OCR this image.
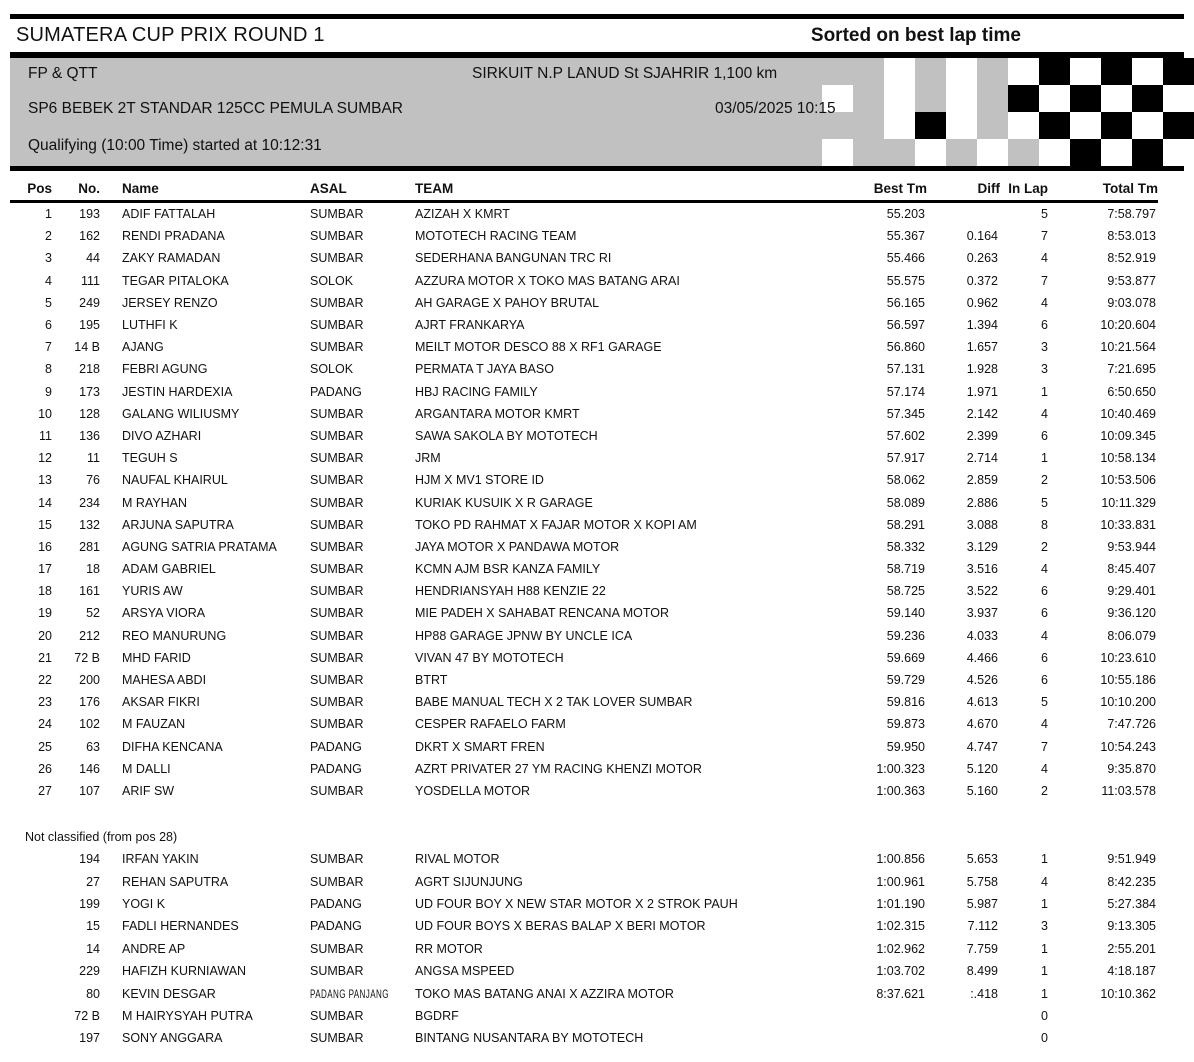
SUMATERA CUP PRIX ROUND 1	Sorted on best lap time
FP & QTT	SIRKUIT N.P LANUD St SJAHRIR 1,100 km
SP6 BEBEK 2T STANDAR 125CC PEMULA SUMBAR	03/05/2025 10:15
Qualifying (10:00 Time) started at 10:12:31
Pos	No.	Name	ASAL	TEAM	Best Tm	Diff	In Lap	Total Tm
1	193	ADIF FATTALAH	SUMBAR	AZIZAH X KMRT	55.203		5	7:58.797
2	162	RENDI PRADANA	SUMBAR	MOTOTECH RACING TEAM	55.367	0.164	7	8:53.013
3	44	ZAKY RAMADAN	SUMBAR	SEDERHANA BANGUNAN TRC RI	55.466	0.263	4	8:52.919
4	111	TEGAR PITALOKA	SOLOK	AZZURA MOTOR X TOKO MAS BATANG ARAI	55.575	0.372	7	9:53.877
5	249	JERSEY RENZO	SUMBAR	AH GARAGE X PAHOY BRUTAL	56.165	0.962	4	9:03.078
6	195	LUTHFI K	SUMBAR	AJRT FRANKARYA	56.597	1.394	6	10:20.604
7	14 B	AJANG	SUMBAR	MEILT MOTOR DESCO 88 X RF1 GARAGE	56.860	1.657	3	10:21.564
8	218	FEBRI AGUNG	SOLOK	PERMATA T JAYA BASO	57.131	1.928	3	7:21.695
9	173	JESTIN HARDEXIA	PADANG	HBJ RACING FAMILY	57.174	1.971	1	6:50.650
10	128	GALANG WILIUSMY	SUMBAR	ARGANTARA MOTOR KMRT	57.345	2.142	4	10:40.469
11	136	DIVO AZHARI	SUMBAR	SAWA SAKOLA BY MOTOTECH	57.602	2.399	6	10:09.345
12	11	TEGUH S	SUMBAR	JRM	57.917	2.714	1	10:58.134
13	76	NAUFAL KHAIRUL	SUMBAR	HJM X MV1 STORE ID	58.062	2.859	2	10:53.506
14	234	M RAYHAN	SUMBAR	KURIAK KUSUIK X R GARAGE	58.089	2.886	5	10:11.329
15	132	ARJUNA SAPUTRA	SUMBAR	TOKO PD RAHMAT X FAJAR MOTOR X KOPI AM	58.291	3.088	8	10:33.831
16	281	AGUNG SATRIA PRATAMA	SUMBAR	JAYA MOTOR X PANDAWA MOTOR	58.332	3.129	2	9:53.944
17	18	ADAM GABRIEL	SUMBAR	KCMN AJM BSR KANZA FAMILY	58.719	3.516	4	8:45.407
18	161	YURIS AW	SUMBAR	HENDRIANSYAH H88 KENZIE 22	58.725	3.522	6	9:29.401
19	52	ARSYA VIORA	SUMBAR	MIE PADEH X SAHABAT RENCANA MOTOR	59.140	3.937	6	9:36.120
20	212	REO MANURUNG	SUMBAR	HP88 GARAGE JPNW BY UNCLE ICA	59.236	4.033	4	8:06.079
21	72 B	MHD FARID	SUMBAR	VIVAN 47 BY MOTOTECH	59.669	4.466	6	10:23.610
22	200	MAHESA ABDI	SUMBAR	BTRT	59.729	4.526	6	10:55.186
23	176	AKSAR FIKRI	SUMBAR	BABE MANUAL TECH X 2 TAK LOVER SUMBAR	59.816	4.613	5	10:10.200
24	102	M FAUZAN	SUMBAR	CESPER RAFAELO FARM	59.873	4.670	4	7:47.726
25	63	DIFHA KENCANA	PADANG	DKRT X SMART FREN	59.950	4.747	7	10:54.243
26	146	M DALLI	PADANG	AZRT PRIVATER 27 YM RACING KHENZI MOTOR	1:00.323	5.120	4	9:35.870
27	107	ARIF SW	SUMBAR	YOSDELLA MOTOR	1:00.363	5.160	2	11:03.578
Not classified (from pos 28)
	194	IRFAN YAKIN	SUMBAR	RIVAL MOTOR	1:00.856	5.653	1	9:51.949
	27	REHAN SAPUTRA	SUMBAR	AGRT SIJUNJUNG	1:00.961	5.758	4	8:42.235
	199	YOGI K	PADANG	UD FOUR BOY X NEW STAR MOTOR X 2 STROK PAUH	1:01.190	5.987	1	5:27.384
	15	FADLI HERNANDES	PADANG	UD FOUR BOYS X BERAS BALAP X BERI MOTOR	1:02.315	7.112	3	9:13.305
	14	ANDRE AP	SUMBAR	RR MOTOR	1:02.962	7.759	1	2:55.201
	229	HAFIZH KURNIAWAN	SUMBAR	ANGSA MSPEED	1:03.702	8.499	1	4:18.187
	80	KEVIN DESGAR	PADANG PANJANG	TOKO MAS BATANG ANAI X AZZIRA MOTOR	8:37.621	:.418	1	10:10.362
	72 B	M HAIRYSYAH PUTRA	SUMBAR	BGDRF			0	
	197	SONY ANGGARA	SUMBAR	BINTANG NUSANTARA BY MOTOTECH			0	
